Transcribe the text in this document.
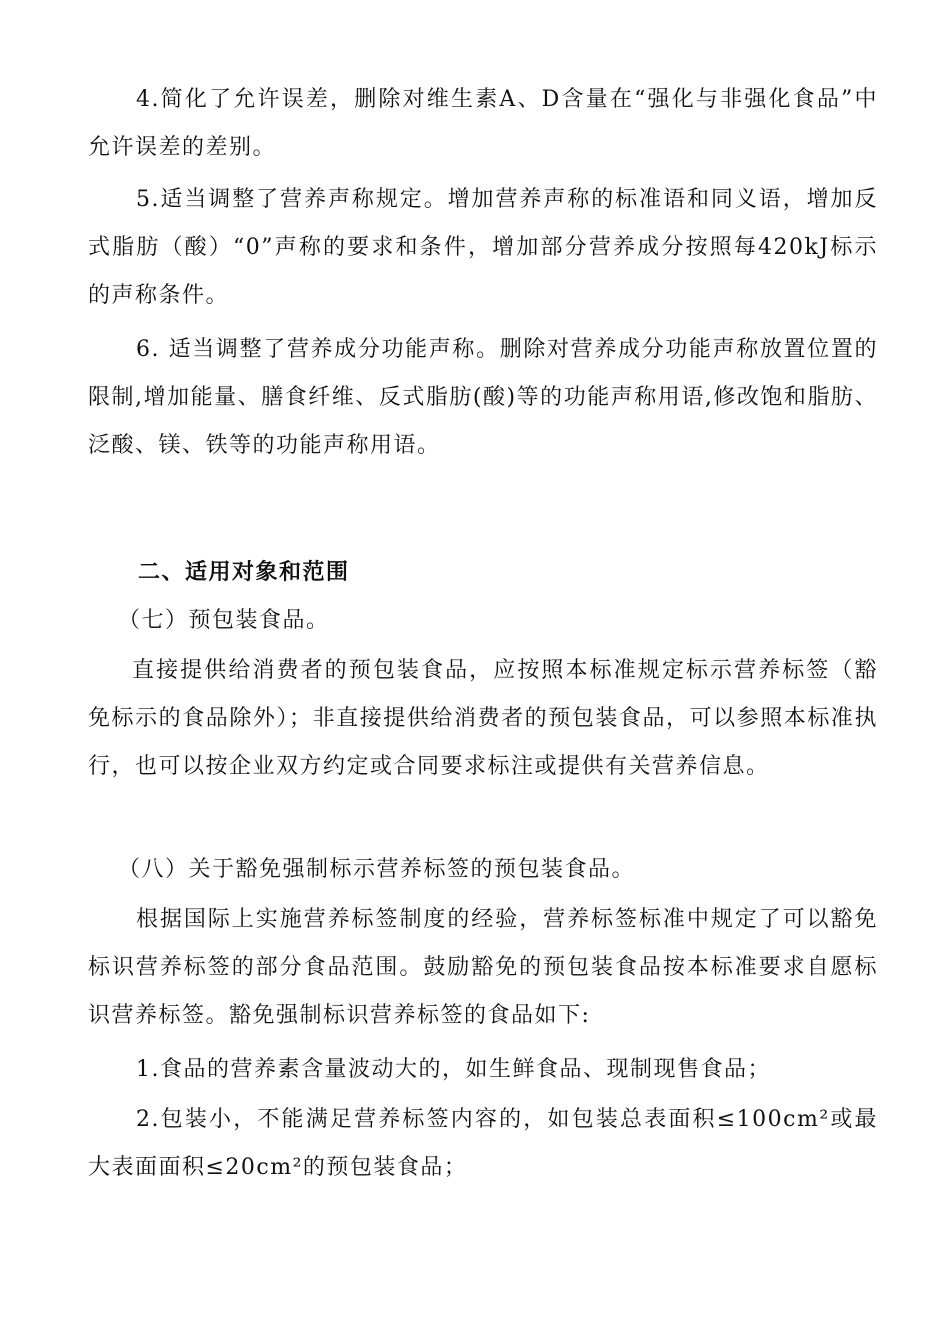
4.简化了允许误差，删除对维生素A、D含量在“强化与非强化食品”中允许误差的差别。

5.适当调整了营养声称规定。增加营养声称的标准语和同义语，增加反式脂肪（酸）“0”声称的要求和条件，增加部分营养成分按照每420kJ标示的声称条件。

6. 适当调整了营养成分功能声称。删除对营养成分功能声称放置位置的限制,增加能量、膳食纤维、反式脂肪(酸)等的功能声称用语,修改饱和脂肪、泛酸、镁、铁等的功能声称用语。

二、适用对象和范围

（七）预包装食品。

直接提供给消费者的预包装食品，应按照本标准规定标示营养标签（豁免标示的食品除外）；非直接提供给消费者的预包装食品，可以参照本标准执行，也可以按企业双方约定或合同要求标注或提供有关营养信息。

（八）关于豁免强制标示营养标签的预包装食品。

根据国际上实施营养标签制度的经验，营养标签标准中规定了可以豁免标识营养标签的部分食品范围。鼓励豁免的预包装食品按本标准要求自愿标识营养标签。豁免强制标识营养标签的食品如下:

1.食品的营养素含量波动大的，如生鲜食品、现制现售食品；

2.包装小，不能满足营养标签内容的，如包装总表面积≤100cm²或最大表面面积≤20cm²的预包装食品；
